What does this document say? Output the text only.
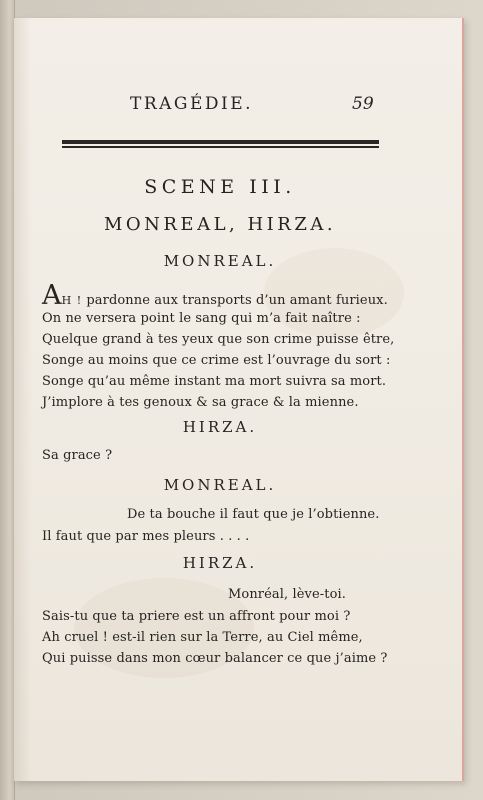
TRAGÉDIE.	59
SCENE III.
MONREAL, HIRZA.
MONREAL.
AH ! pardonne aux transports d’un amant furieux.
On ne versera point le sang qui m’a fait naître :
Quelque grand à tes yeux que son crime puisse être,
Songe au moins que ce crime est l’ouvrage du sort :
Songe qu’au même instant ma mort suivra sa mort.
J’implore à tes genoux & sa grace & la mienne.
HIRZA.
Sa grace ?
MONREAL.
De ta bouche il faut que je l’obtienne.
Il faut que par mes pleurs . . . .
HIRZA.
Monréal, lève-toi.
Sais-tu que ta priere est un affront pour moi ?
Ah cruel ! est-il rien sur la Terre, au Ciel même,
Qui puisse dans mon cœur balancer ce que j’aime ?
